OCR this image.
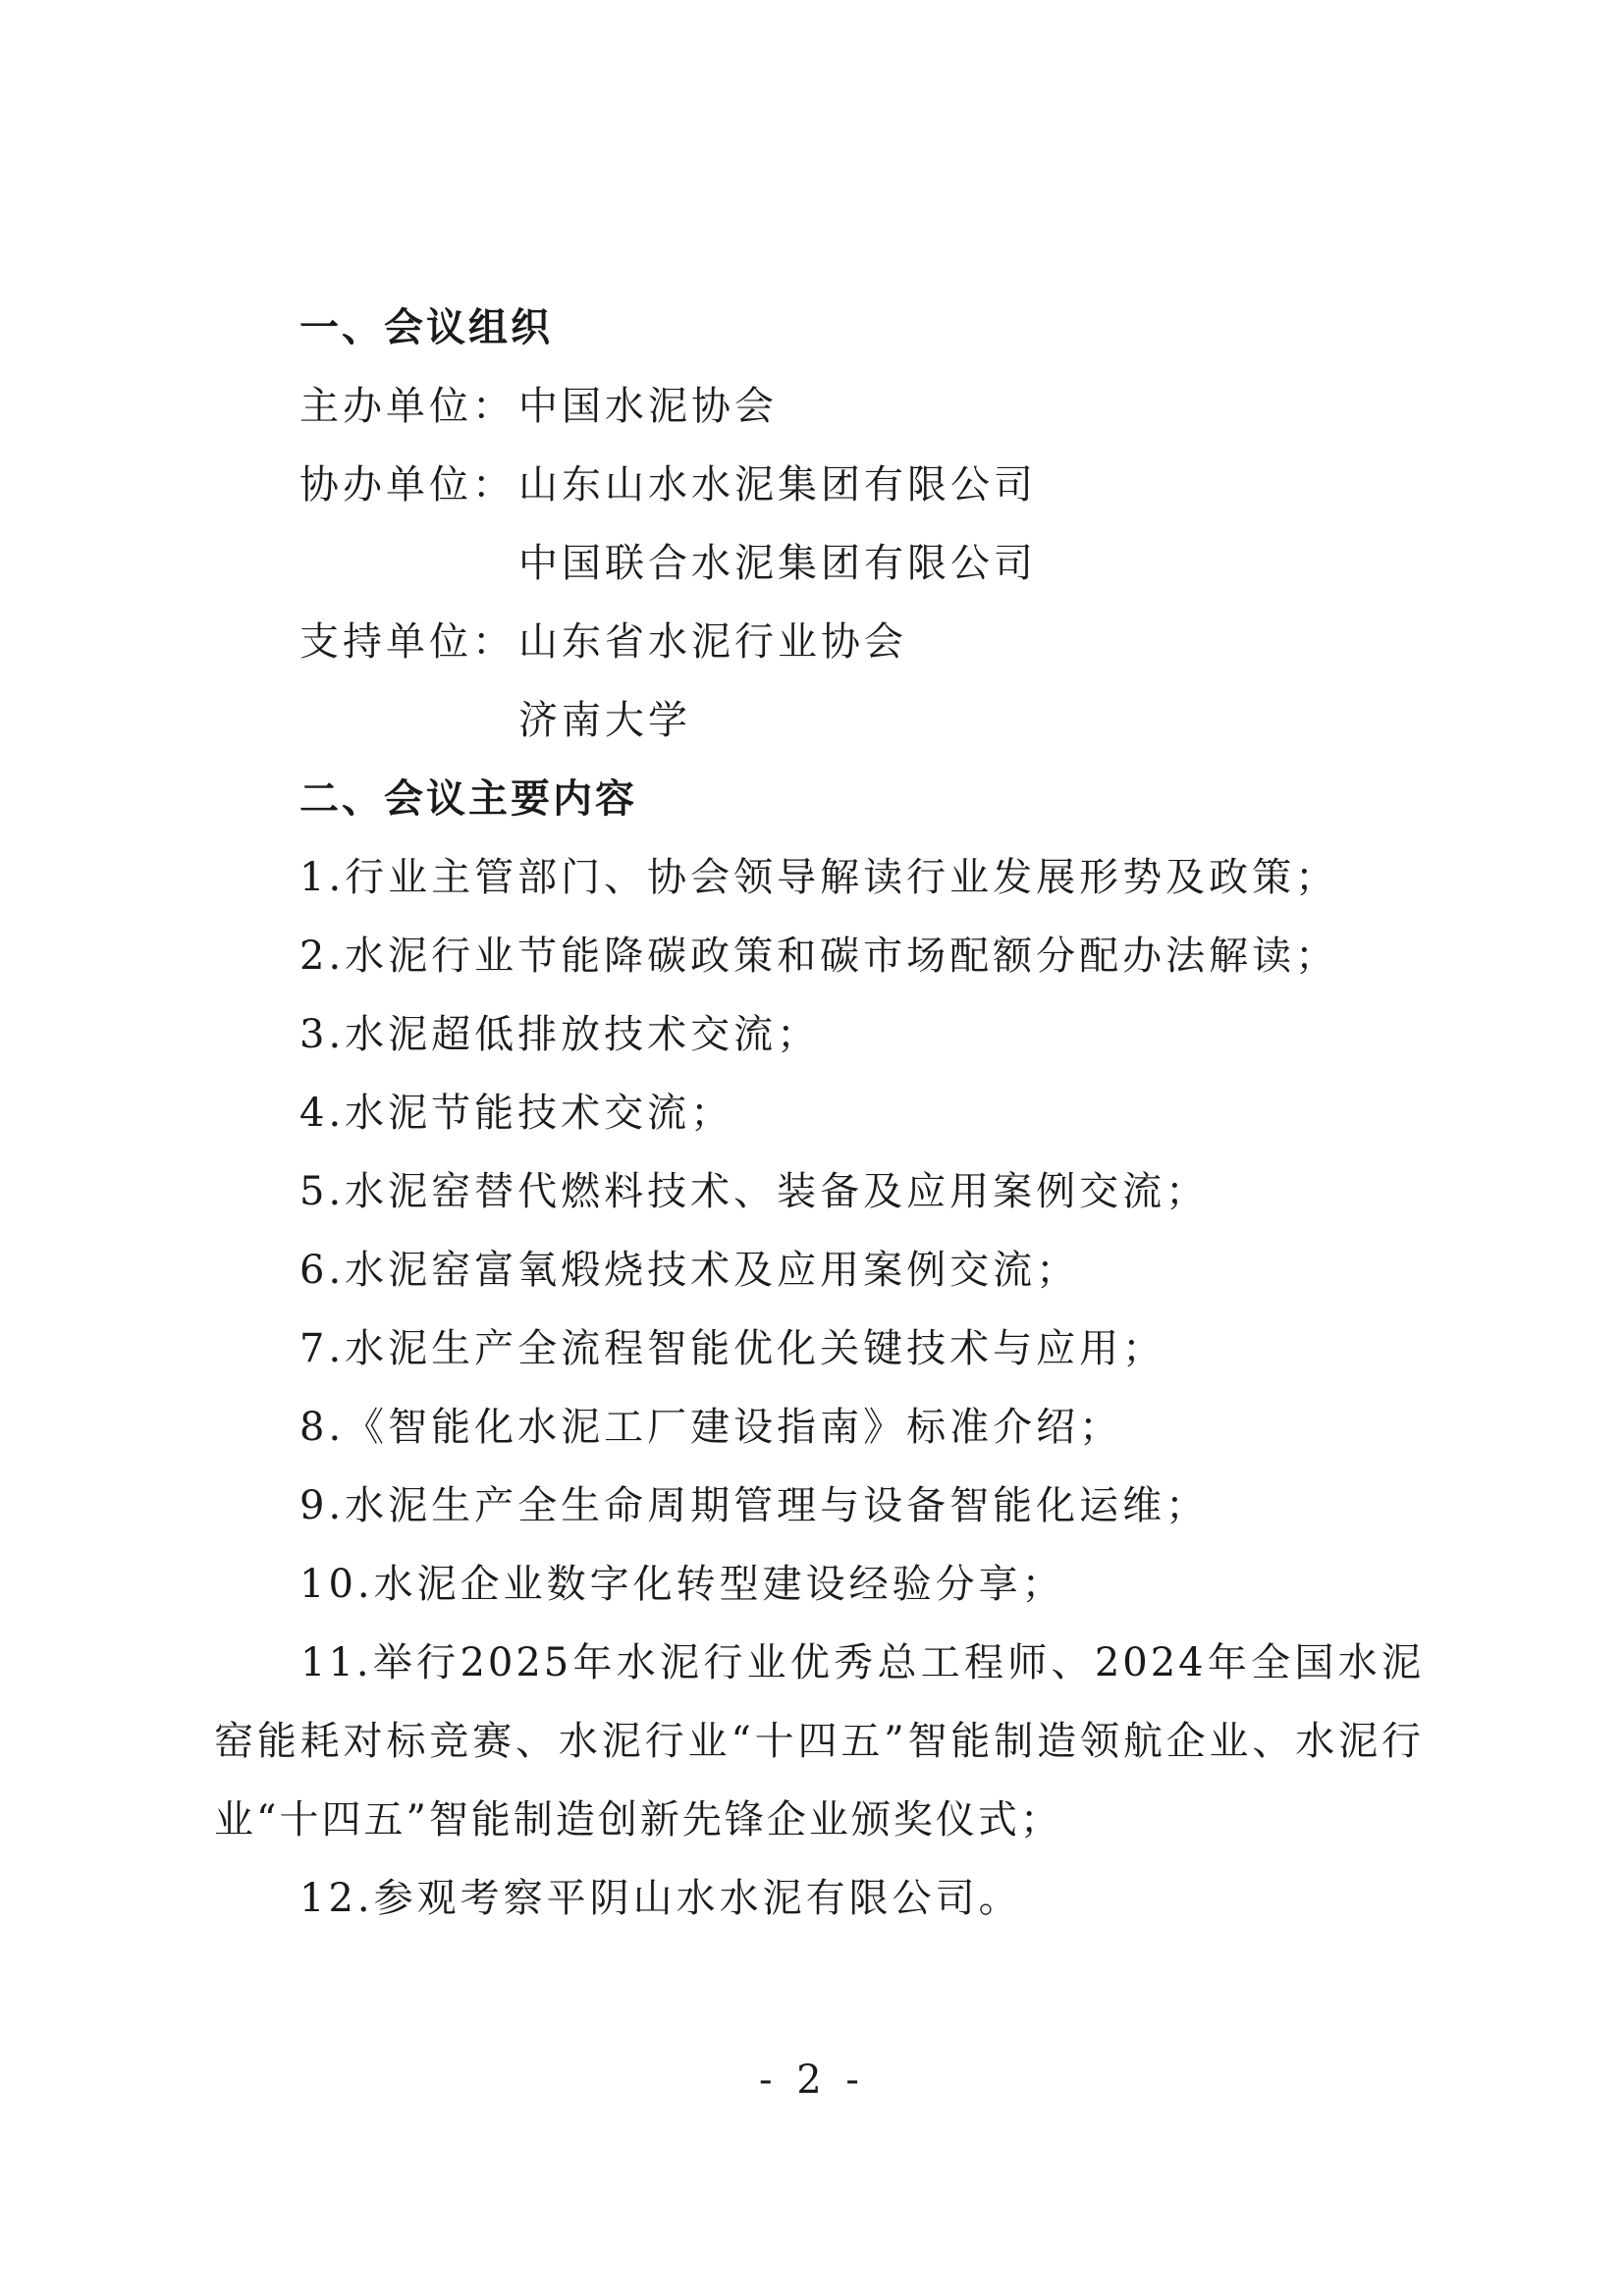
一、会议组织
主办单位： 中国水泥协会
协办单位： 山东山水水泥集团有限公司
中国联合水泥集团有限公司
支持单位： 山东省水泥行业协会
济南大学
二、会议主要内容
1.行业主管部门、协会领导解读行业发展形势及政策；
2.水泥行业节能降碳政策和碳市场配额分配办法解读；
3.水泥超低排放技术交流；
4.水泥节能技术交流；
5.水泥窑替代燃料技术、装备及应用案例交流；
6.水泥窑富氧煅烧技术及应用案例交流；
7.水泥生产全流程智能优化关键技术与应用；
8.《智能化水泥工厂建设指南》标准介绍；
9.水泥生产全生命周期管理与设备智能化运维；
10.水泥企业数字化转型建设经验分享；

11.举行2025年水泥行业优秀总工程师、2024年全国水泥窑能耗对标竞赛、水泥行业“十四五”智能制造领航企业、水泥行业“十四五”智能制造创新先锋企业颁奖仪式；

12.参观考察平阴山水水泥有限公司。
- 2 -
